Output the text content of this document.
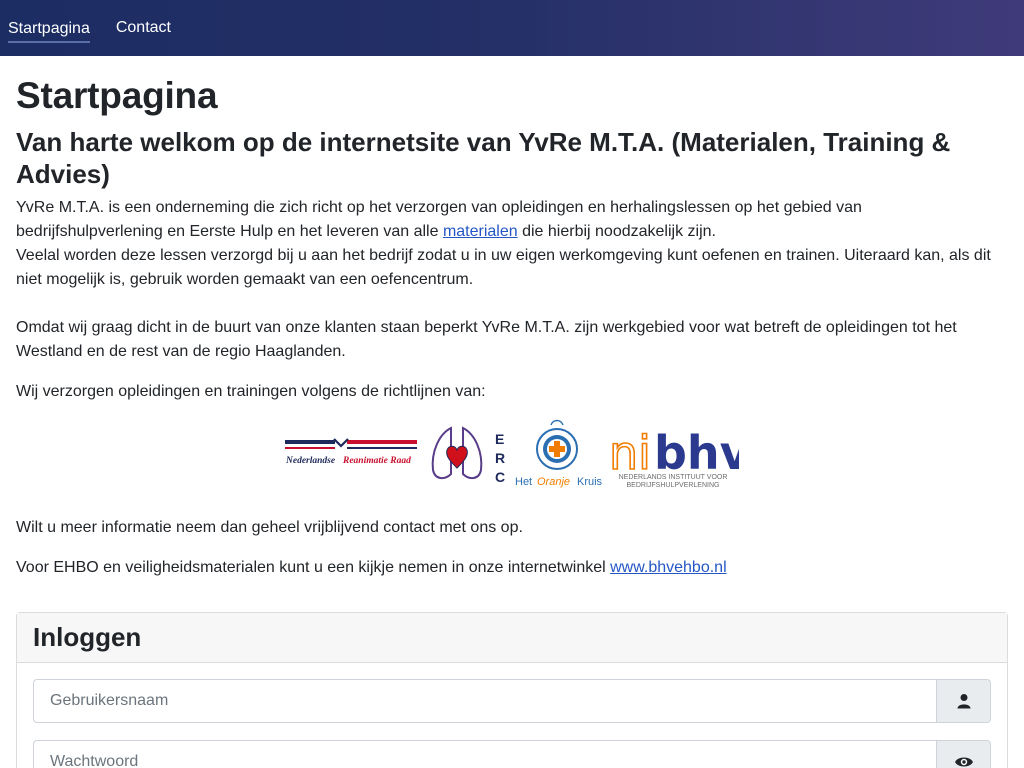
Startpagina Contact
Startpagina
Van harte welkom op de internetsite van YvRe M.T.A. (Materialen, Training & Advies)

YvRe M.T.A. is een onderneming die zich richt op het verzorgen van opleidingen en herhalingslessen op het gebied van bedrijfshulpverlening en Eerste Hulp en het leveren van alle materialen die hierbij noodzakelijk zijn.
Veelal worden deze lessen verzorgd bij u aan het bedrijf zodat u in uw eigen werkomgeving kunt oefenen en trainen. Uiteraard kan, als dit niet mogelijk is, gebruik worden gemaakt van een oefencentrum.

Omdat wij graag dicht in de buurt van onze klanten staan beperkt YvRe M.T.A. zijn werkgebied voor wat betreft de opleidingen tot het Westland en de rest van de regio Haaglanden.

Wij verzorgen opleidingen en trainingen volgens de richtlijnen van:

Nederlandse Reanimatie Raad
E
R
C Het Oranje Kruis
ni bhv
NEDERLANDS INSTITUUT VOOR
BEDRIJFSHULPVERLENING

Wilt u meer informatie neem dan geheel vrijblijvend contact met ons op.

Voor EHBO en veiligheidsmaterialen kunt u een kijkje nemen in onze internetwinkel www.bhvehbo.nl

Inloggen
Gebruikersnaam
